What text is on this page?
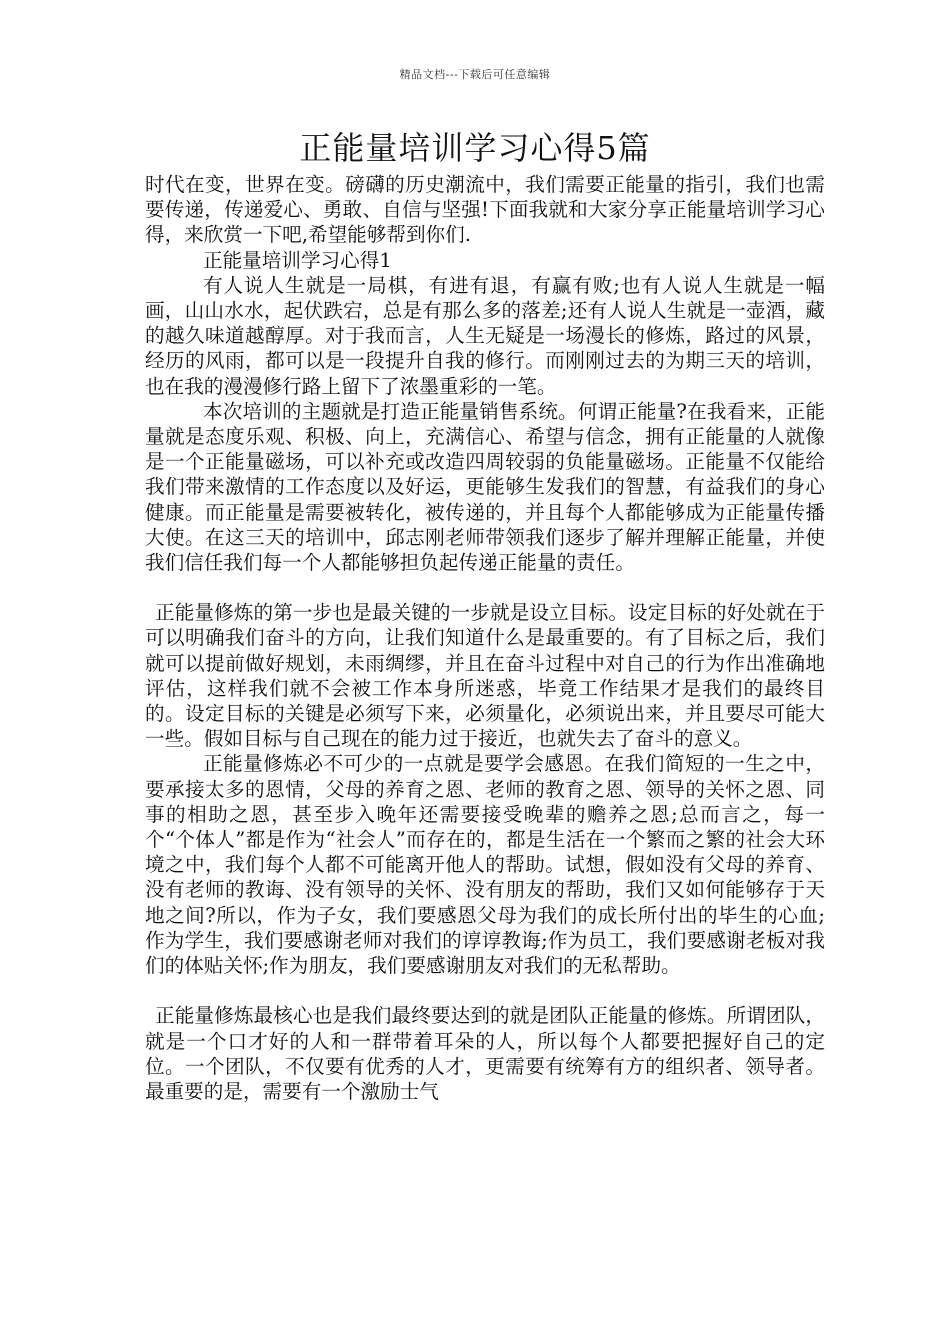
精品文档---下载后可任意编辑
正能量培训学习心得5篇

时代在变，世界在变。磅礴的历史潮流中，我们需要正能量的指引，我们也需要传递，传递爱心、勇敢、自信与坚强!下面我就和大家分享正能量培训学习心得，来欣赏一下吧,希望能够帮到你们.

正能量培训学习心得1

有人说人生就是一局棋，有进有退，有赢有败;也有人说人生就是一幅画，山山水水，起伏跌宕，总是有那么多的落差;还有人说人生就是一壶酒，藏的越久味道越醇厚。对于我而言，人生无疑是一场漫长的修炼，路过的风景，经历的风雨，都可以是一段提升自我的修行。而刚刚过去的为期三天的培训，也在我的漫漫修行路上留下了浓墨重彩的一笔。

本次培训的主题就是打造正能量销售系统。何谓正能量?在我看来，正能量就是态度乐观、积极、向上，充满信心、希望与信念，拥有正能量的人就像是一个正能量磁场，可以补充或改造四周较弱的负能量磁场。正能量不仅能给我们带来激情的工作态度以及好运，更能够生发我们的智慧，有益我们的身心健康。而正能量是需要被转化，被传递的，并且每个人都能够成为正能量传播大使。在这三天的培训中，邱志刚老师带领我们逐步了解并理解正能量，并使我们信任我们每一个人都能够担负起传递正能量的责任。

正能量修炼的第一步也是最关键的一步就是设立目标。设定目标的好处就在于可以明确我们奋斗的方向，让我们知道什么是最重要的。有了目标之后，我们就可以提前做好规划，未雨绸缪，并且在奋斗过程中对自己的行为作出准确地评估，这样我们就不会被工作本身所迷惑，毕竟工作结果才是我们的最终目的。设定目标的关键是必须写下来，必须量化，必须说出来，并且要尽可能大一些。假如目标与自己现在的能力过于接近，也就失去了奋斗的意义。

正能量修炼必不可少的一点就是要学会感恩。在我们简短的一生之中，要承接太多的恩情，父母的养育之恩、老师的教育之恩、领导的关怀之恩、同事的相助之恩，甚至步入晚年还需要接受晚辈的赡养之恩;总而言之，每一个“个体人”都是作为“社会人”而存在的，都是生活在一个繁而之繁的社会大环境之中，我们每个人都不可能离开他人的帮助。试想，假如没有父母的养育、没有老师的教诲、没有领导的关怀、没有朋友的帮助，我们又如何能够存于天地之间?所以，作为子女，我们要感恩父母为我们的成长所付出的毕生的心血;作为学生，我们要感谢老师对我们的谆谆教诲;作为员工，我们要感谢老板对我们的体贴关怀;作为朋友，我们要感谢朋友对我们的无私帮助。

正能量修炼最核心也是我们最终要达到的就是团队正能量的修炼。所谓团队，就是一个口才好的人和一群带着耳朵的人，所以每个人都要把握好自己的定位。一个团队，不仅要有优秀的人才，更需要有统筹有方的组织者、领导者。最重要的是，需要有一个激励士气
